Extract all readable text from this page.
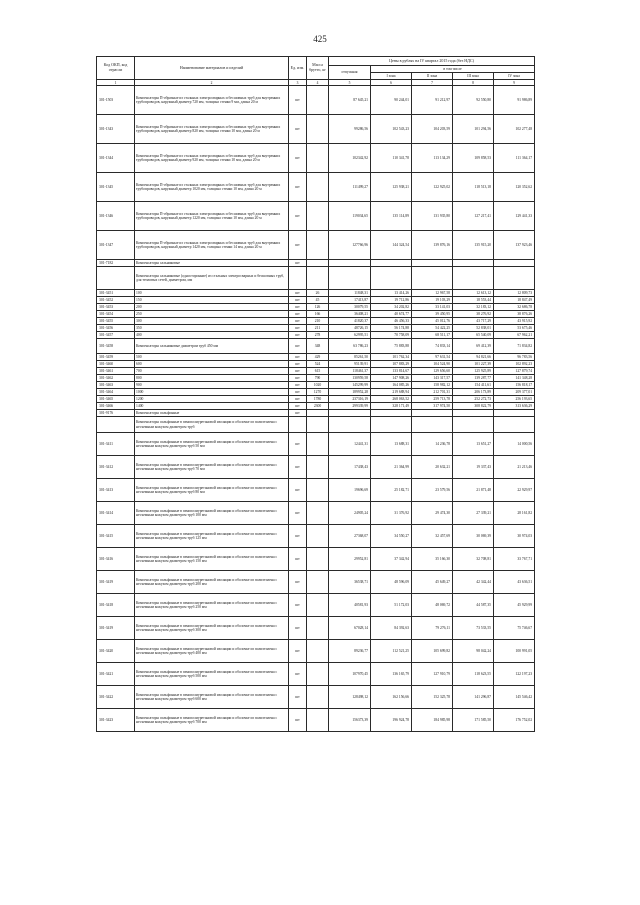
425
Код ОКП, код отрасли	Наименование материалов и изделий	Ед. изм.	Масса брутто, кг	Цены в рублях на IV квартал 2015 года (без НДС)				
				отпускная	в том числе			
					I зона	II зона	III зона	IV зона
1	2	3	4	5	6	7	8	9
301-1503	Компенсаторы П-образные из стальных электросварных и бесшовных труб для внутренних трубопроводов, наружный диаметр 720 мм, толщина стенки 9 мм, длина 20 м	шт		87 645,21	90 244,01	91 212,97	92 550,80	91 986,89
301-1343	Компенсаторы П-образные из стальных электросварных и бесшовных труб для внутренних трубопроводов, наружный диаметр 820 мм, толщина стенки 10 мм, длина 20 м	шт		99286,56	102 543,23	104 203,59	101 294,56	102 277,48
301-1344	Компенсаторы П-образные из стальных электросварных и бесшовных труб для внутренних трубопроводов, наружный диаметр 920 мм, толщина стенки 10 мм, длина 20 м	шт		102342,92	110 341,78	113 134,29	109 858,53	111 364,17
301-1345	Компенсаторы П-образные из стальных электросварных и бесшовных труб для внутренних трубопроводов, наружный диаметр 1020 мм, толщина стенки 10 мм, длина 20 м	шт		111499,27	125 938,21	122 925,02	118 513,18	120 352,62
301-1346	Компенсаторы П-образные из стальных электросварных и бесшовных труб для внутренних трубопроводов, наружный диаметр 1220 мм, толщина стенки 10 мм, длина 20 м	шт		119034,65	135 114,89	131 935,80	127 217,41	129 441,33
301-1347	Компенсаторы П-образные из стальных электросварных и бесшовных труб для внутренних трубопроводов, наружный диаметр 1420 мм, толщина стенки 14 мм, длина 20 м	шт		127766,96	144 324,54	139 876,16	135 915,20	137 923,46
301-7182	Компенсаторы сальниковые	шт						
	Компенсаторы сальниковые (односторонние) из стальных электросварных и бесшовных труб, для тепловых сетей, диаметром, мм							
301-3451	100	шт	26	11848,31	13 414,26	12 967,58	12 613,12	12 809,73
301-3452	150	шт	45	17413,87	19 712,86	19 103,29	18 553,44	18 847,49
301-3453	200	шт	126	30079,55	34 202,82	33 141,03	32 183,12	32 686,78
301-3454	250	шт	166	36408,21	40 674,77	39 450,95	38 276,92	38 876,26
301-3455	300	шт	210	41820,37	46 456,33	45 012,76	43 717,29	43 915,92
301-3456	350	шт	211	48726,15	56 174,88	54 422,25	52 838,01	53 675,46
301-3457	400	шт	278	62995,51	70 758,09	68 511,17	65 540,09	67 962,21
301-3458	Компенсаторы сальниковые диаметром труб 450 мм	шт	348	63 786,23	75 883,88	74 833,14	69 412,39	71 834,82
301-3459	500	шт	429	85261,50	101 762,34	97 631,54	94 821,66	96 783,56
301-3460	600	шт	524	95139,91	107 883,29	104 524,90	101 227,39	102 892,23
301-3461	700	шт	615	118461,37	133 814,67	129 656,60	125 925,89	127 879,74
301-3462	800	шт	790	130959,58	147 908,26	143 317,57	139 287,77	141 348,28
301-3463	900	шт	1020	145299,99	164 085,26	158 982,12	154 411,61	156 818,17
301-3464	1000	шт	1270	189952,28	219 688,94	212 701,31	206 173,89	209 377,01
301-3465	1200	шт	1780	237316,19	268 063,52	259 713,78	252 272,73	256 193,65
301-3466	1400	шт	2300	299339,99	328 171,49	317 974,50	308 822,79	313 636,29
301-9176	Компенсаторы сильфонные	шт						
	Компенсаторы сильфонные в пенополиуретановой изоляции и оболочке из полиэтилена с несъемным кожухом диаметром труб							
301-3411	Компенсаторы сильфонные в пенополиуретановой изоляции и оболочке из полиэтилена с несъемным кожухом диаметром труб 50 мм	шт		12441,31	13 688,31	14 236,78	13 651,27	14 000,56
301-3412	Компенсаторы сильфонные в пенополиуретановой изоляции и оболочке из полиэтилена с несъемным кожухом диаметром труб 70 мм	шт		17438,43	21 364,99	20 632,21	19 337,43	21 213,46
301-3413	Компенсаторы сильфонные в пенополиуретановой изоляции и оболочке из полиэтилена с несъемным кожухом диаметром труб 80 мм	шт		19696,69	25 182,71	23 579,56	21 871,48	22 929,97
301-3414	Компенсаторы сильфонные в пенополиуретановой изоляции и оболочке из полиэтилена с несъемным кожухом диаметром труб 100 мм	шт		24905,24	31 376,92	29 474,30	27 339,21	28 161,82
301-3415	Компенсаторы сильфонные в пенополиуретановой изоляции и оболочке из полиэтилена с несъемным кожухом диаметром труб 125 мм	шт		27368,07	34 550,27	32 457,69	30 069,39	30 974,03
301-3416	Компенсаторы сильфонные в пенополиуретановой изоляции и оболочке из полиэтилена с несъемным кожухом диаметром труб 150 мм	шт		29952,81	37 342,94	35 166,30	32 708,81	33 767,71
301-3419	Компенсаторы сильфонные в пенополиуретановой изоляции и оболочке из полиэтилена с несъемным кожухом диаметром труб 200 мм	шт		36538,71	48 596,09	45 649,27	42 342,44	43 636,51
301-3418	Компенсаторы сильфонные в пенополиуретановой изоляции и оболочке из полиэтилена с несъемным кожухом диаметром труб 250 мм	шт		40581,93	51 172,03	48 069,72	44 587,35	45 929,99
301-3419	Компенсаторы сильфонные в пенополиуретановой изоляции и оболочке из полиэтилена с несъемным кожухом диаметром труб 300 мм	шт		67028,14	84 392,63	79 276,11	73 533,55	75 746,67
301-3420	Компенсаторы сильфонные в пенополиуретановой изоляции и оболочке из полиэтилена с несъемным кожухом диаметром труб 400 мм	шт		89236,77	112 521,25	105 699,82	98 042,24	100 991,05
301-3421	Компенсаторы сильфонные в пенополиуретановой изоляции и оболочке из полиэтилена с несъемным кожухом диаметром труб 500 мм	шт		107970,45	136 165,79	127 910,79	118 623,55	122 197,23
301-3422	Компенсаторы сильфонные в пенополиуретановой изоляции и оболочке из полиэтилена с несъемным кожухом диаметром труб 600 мм	шт		128498,12	162 156,66	152 325,78	141 296,87	145 546,42
301-3423	Компенсаторы сильфонные в пенополиуретановой изоляции и оболочке из полиэтилена с несъемным кожухом диаметром труб 700 мм	шт		156373,39	196 924,78	184 985,98	171 585,50	176 752,02
